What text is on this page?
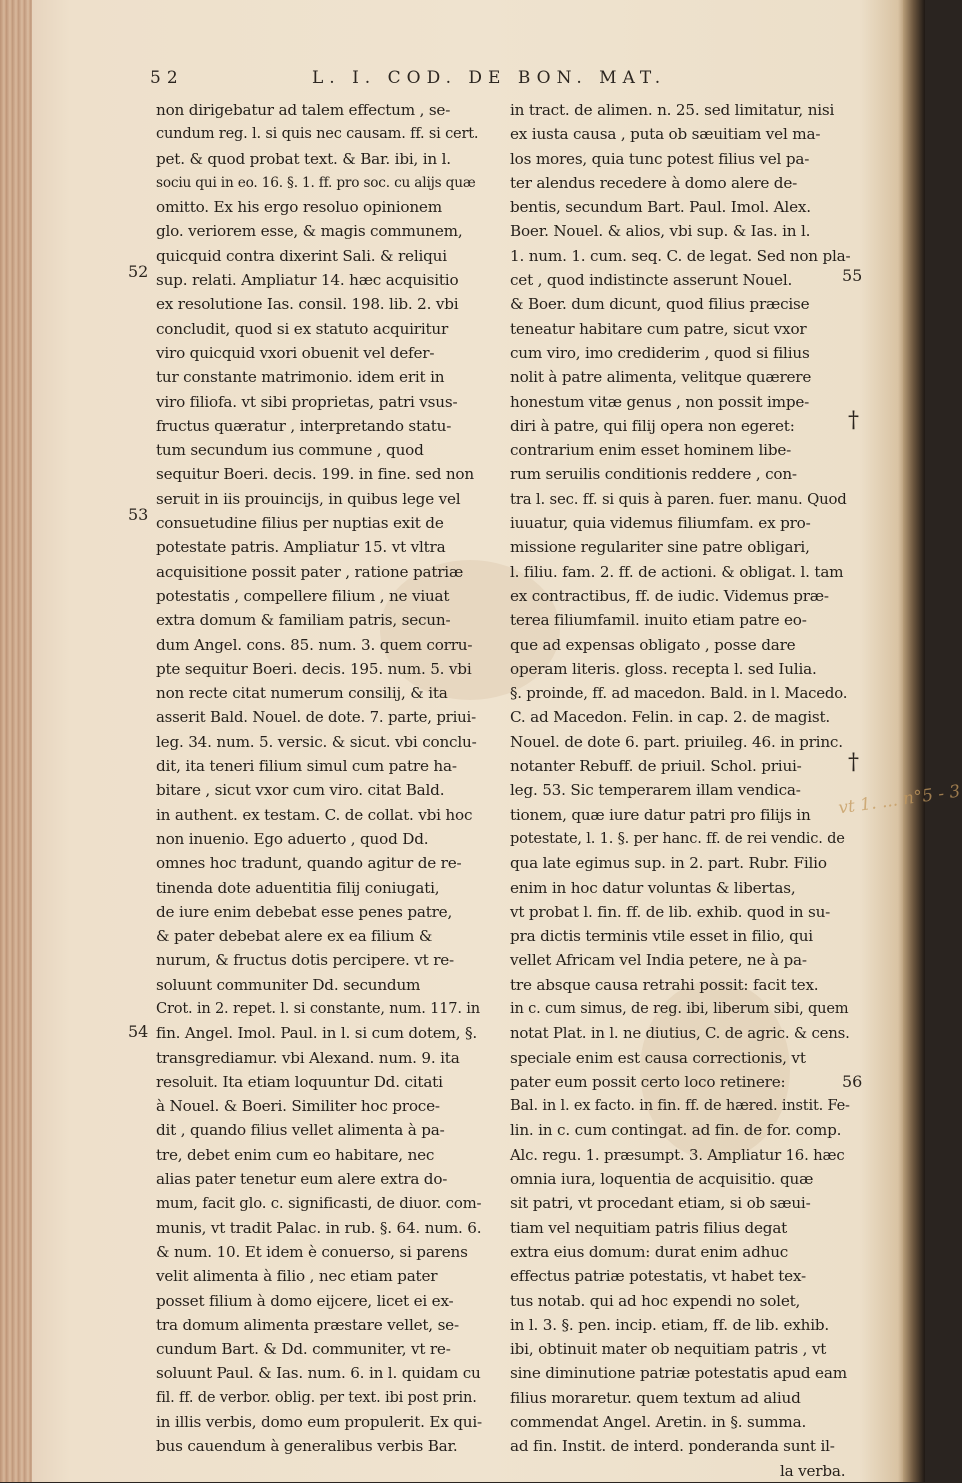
52	L. I. COD. DE BON. MAT.
non dirigebatur ad talem effectum , se-
cundum reg. l. si quis nec causam. ff. si cert.
pet. & quod probat text. & Bar. ibi, in l.
sociu qui in eo. 16. §. 1. ff. pro soc. cu alijs quæ
omitto. Ex his ergo resoluo opinionem
glo. veriorem esse, & magis communem,
quicquid contra dixerint Sali. & reliqui
sup. relati. Ampliatur 14. hæc acquisitio
ex resolutione Ias. consil. 198. lib. 2. vbi
concludit, quod si ex statuto acquiritur
viro quicquid vxori obuenit vel defer-
tur constante matrimonio. idem erit in
viro filiofa. vt sibi proprietas, patri vsus-
fructus quæratur , interpretando statu-
tum secundum ius commune , quod
sequitur Boeri. decis. 199. in fine. sed non
seruit in iis prouincijs, in quibus lege vel
consuetudine filius per nuptias exit de
potestate patris. Ampliatur 15. vt vltra
acquisitione possit pater , ratione patriæ
potestatis , compellere filium , ne viuat
extra domum & familiam patris, secun-
dum Angel. cons. 85. num. 3. quem corru-
pte sequitur Boeri. decis. 195. num. 5. vbi
non recte citat numerum consilij, & ita
asserit Bald. Nouel. de dote. 7. parte, priui-
leg. 34. num. 5. versic. & sicut. vbi conclu-
dit, ita teneri filium simul cum patre ha-
bitare , sicut vxor cum viro. citat Bald.
in authent. ex testam. C. de collat. vbi hoc
non inuenio. Ego aduerto , quod Dd.
omnes hoc tradunt, quando agitur de re-
tinenda dote aduentitia filij coniugati,
de iure enim debebat esse penes patre,
& pater debebat alere ex ea filium &
nurum, & fructus dotis percipere. vt re-
soluunt communiter Dd. secundum
Crot. in 2. repet. l. si constante, num. 117. in
fin. Angel. Imol. Paul. in l. si cum dotem, §.
transgrediamur. vbi Alexand. num. 9. ita
resoluit. Ita etiam loquuntur Dd. citati
à Nouel. & Boeri. Similiter hoc proce-
dit , quando filius vellet alimenta à pa-
tre, debet enim cum eo habitare, nec
alias pater tenetur eum alere extra do-
mum, facit glo. c. significasti, de diuor. com-
munis, vt tradit Palac. in rub. §. 64. num. 6.
& num. 10. Et idem è conuerso, si parens
velit alimenta à filio , nec etiam pater
posset filium à domo eijcere, licet ei ex-
tra domum alimenta præstare vellet, se-
cundum Bart. & Dd. communiter, vt re-
soluunt Paul. & Ias. num. 6. in l. quidam cu
fil. ff. de verbor. oblig. per text. ibi post prin.
in illis verbis, domo eum propulerit. Ex qui-
bus cauendum à generalibus verbis Bar.
in tract. de alimen. n. 25. sed limitatur, nisi
ex iusta causa , puta ob sæuitiam vel ma-
los mores, quia tunc potest filius vel pa-
ter alendus recedere à domo alere de-
bentis, secundum Bart. Paul. Imol. Alex.
Boer. Nouel. & alios, vbi sup. & Ias. in l.
1. num. 1. cum. seq. C. de legat. Sed non pla-
cet , quod indistincte asserunt Nouel.
& Boer. dum dicunt, quod filius præcise
teneatur habitare cum patre, sicut vxor
cum viro, imo crediderim , quod si filius
nolit à patre alimenta, velitque quærere
honestum vitæ genus , non possit impe-
diri à patre, qui filij opera non egeret:
contrarium enim esset hominem libe-
rum seruilis conditionis reddere , con-
tra l. sec. ff. si quis à paren. fuer. manu. Quod
iuuatur, quia videmus filiumfam. ex pro-
missione regulariter sine patre obligari,
l. filiu. fam. 2. ff. de actioni. & obligat. l. tam
ex contractibus, ff. de iudic. Videmus præ-
terea filiumfamil. inuito etiam patre eo-
que ad expensas obligato , posse dare
operam literis. gloss. recepta l. sed Iulia.
§. proinde, ff. ad macedon. Bald. in l. Macedo.
C. ad Macedon. Felin. in cap. 2. de magist.
Nouel. de dote 6. part. priuileg. 46. in princ.
notanter Rebuff. de priuil. Schol. priui-
leg. 53. Sic temperarem illam vendica-
tionem, quæ iure datur patri pro filijs in
potestate, l. 1. §. per hanc. ff. de rei vendic. de
qua late egimus sup. in 2. part. Rubr. Filio
enim in hoc datur voluntas & libertas,
vt probat l. fin. ff. de lib. exhib. quod in su-
pra dictis terminis vtile esset in filio, qui
vellet Africam vel India petere, ne à pa-
tre absque causa retrahi possit: facit tex.
in c. cum simus, de reg. ibi, liberum sibi, quem
notat Plat. in l. ne diutius, C. de agric. & cens.
speciale enim est causa correctionis, vt
pater eum possit certo loco retinere:
Bal. in l. ex facto. in fin. ff. de hæred. instit. Fe-
lin. in c. cum contingat. ad fin. de for. comp.
Alc. regu. 1. præsumpt. 3. Ampliatur 16. hæc
omnia iura, loquentia de acquisitio. quæ
sit patri, vt procedant etiam, si ob sæui-
tiam vel nequitiam patris filius degat
extra eius domum: durat enim adhuc
effectus patriæ potestatis, vt habet tex-
tus notab. qui ad hoc expendi no solet,
in l. 3. §. pen. incip. etiam, ff. de lib. exhib.
ibi, obtinuit mater ob nequitiam patris , vt
sine diminutione patriæ potestatis apud eam
filius moraretur. quem textum ad aliud
commendat Angel. Aretin. in §. summa.
ad fin. Instit. de interd. ponderanda sunt il-
la verba.
52
53
54
55
56
†
†
vt 1. ... n°5 - 3
